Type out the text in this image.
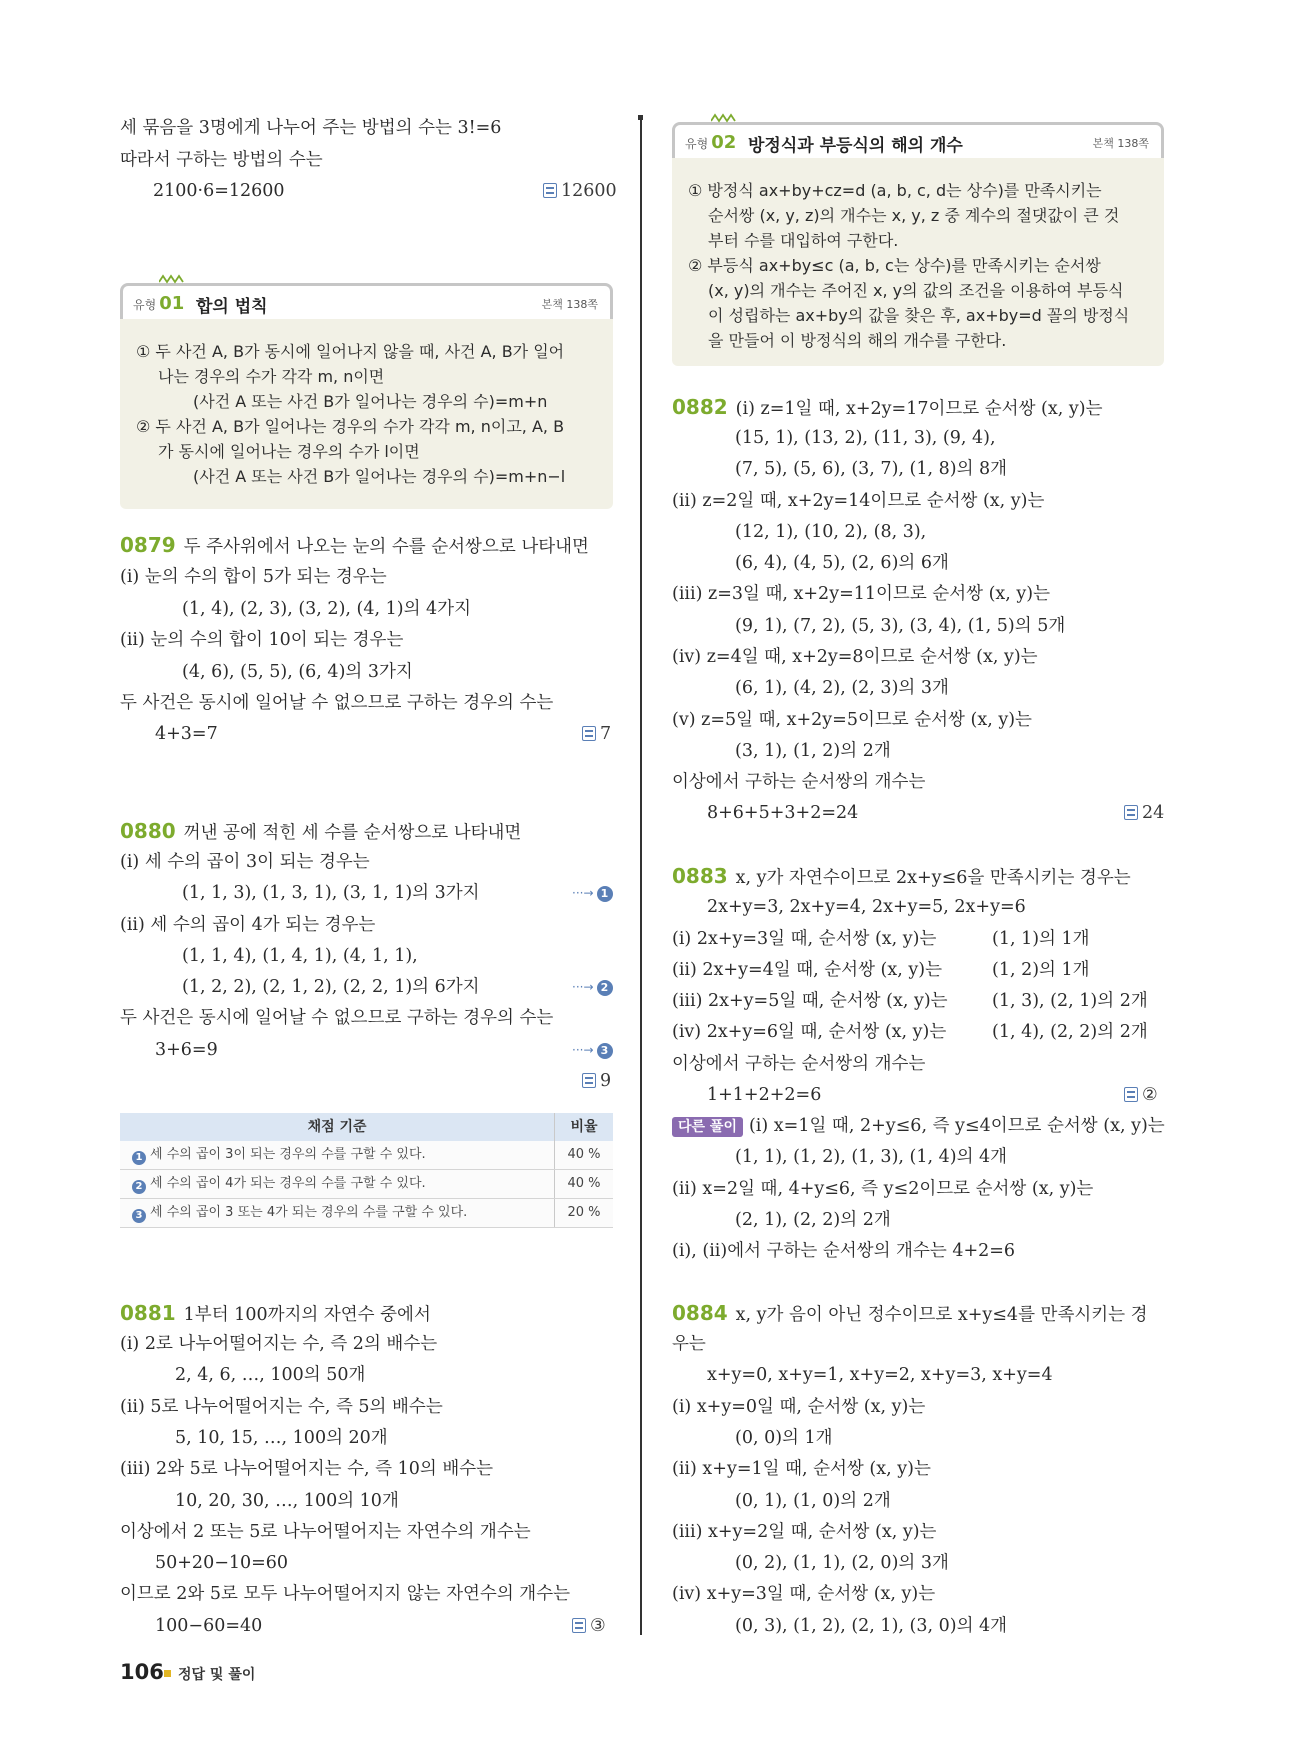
세 묶음을 3명에게 나누어 주는 방법의 수는 3!=6
따라서 구하는 방법의 수는
2100·6=12600	12600
유형 01 합의 법칙	본책 138쪽
① 두 사건 A, B가 동시에 일어나지 않을 때, 사건 A, B가 일어
나는 경우의 수가 각각 m, n이면
(사건 A 또는 사건 B가 일어나는 경우의 수)=m+n
② 두 사건 A, B가 일어나는 경우의 수가 각각 m, n이고, A, B
가 동시에 일어나는 경우의 수가 l이면
(사건 A 또는 사건 B가 일어나는 경우의 수)=m+n−l
0879 두 주사위에서 나오는 눈의 수를 순서쌍으로 나타내면
(i) 눈의 수의 합이 5가 되는 경우는
(1, 4), (2, 3), (3, 2), (4, 1)의 4가지
(ii) 눈의 수의 합이 10이 되는 경우는
(4, 6), (5, 5), (6, 4)의 3가지
두 사건은 동시에 일어날 수 없으므로 구하는 경우의 수는
4+3=7	7
0880 꺼낸 공에 적힌 세 수를 순서쌍으로 나타내면
(i) 세 수의 곱이 3이 되는 경우는
(1, 1, 3), (1, 3, 1), (3, 1, 1)의 3가지	···→ 1
(ii) 세 수의 곱이 4가 되는 경우는
(1, 1, 4), (1, 4, 1), (4, 1, 1),
(1, 2, 2), (2, 1, 2), (2, 2, 1)의 6가지	···→ 2
두 사건은 동시에 일어날 수 없으므로 구하는 경우의 수는
3+6=9	···→ 3
9
채점 기준	비율
1 세 수의 곱이 3이 되는 경우의 수를 구할 수 있다.	40 %
2 세 수의 곱이 4가 되는 경우의 수를 구할 수 있다.	40 %
3 세 수의 곱이 3 또는 4가 되는 경우의 수를 구할 수 있다.	20 %
0881 1부터 100까지의 자연수 중에서
(i) 2로 나누어떨어지는 수, 즉 2의 배수는
2, 4, 6, …, 100의 50개
(ii) 5로 나누어떨어지는 수, 즉 5의 배수는
5, 10, 15, …, 100의 20개
(iii) 2와 5로 나누어떨어지는 수, 즉 10의 배수는
10, 20, 30, …, 100의 10개
이상에서 2 또는 5로 나누어떨어지는 자연수의 개수는
50+20−10=60
이므로 2와 5로 모두 나누어떨어지지 않는 자연수의 개수는
100−60=40	③
유형 02 방정식과 부등식의 해의 개수	본책 138쪽
① 방정식 ax+by+cz=d (a, b, c, d는 상수)를 만족시키는
순서쌍 (x, y, z)의 개수는 x, y, z 중 계수의 절댓값이 큰 것
부터 수를 대입하여 구한다.
② 부등식 ax+by≤c (a, b, c는 상수)를 만족시키는 순서쌍
(x, y)의 개수는 주어진 x, y의 값의 조건을 이용하여 부등식
이 성립하는 ax+by의 값을 찾은 후, ax+by=d 꼴의 방정식
을 만들어 이 방정식의 해의 개수를 구한다.
0882 (i) z=1일 때, x+2y=17이므로 순서쌍 (x, y)는
(15, 1), (13, 2), (11, 3), (9, 4),
(7, 5), (5, 6), (3, 7), (1, 8)의 8개
(ii) z=2일 때, x+2y=14이므로 순서쌍 (x, y)는
(12, 1), (10, 2), (8, 3),
(6, 4), (4, 5), (2, 6)의 6개
(iii) z=3일 때, x+2y=11이므로 순서쌍 (x, y)는
(9, 1), (7, 2), (5, 3), (3, 4), (1, 5)의 5개
(iv) z=4일 때, x+2y=8이므로 순서쌍 (x, y)는
(6, 1), (4, 2), (2, 3)의 3개
(v) z=5일 때, x+2y=5이므로 순서쌍 (x, y)는
(3, 1), (1, 2)의 2개
이상에서 구하는 순서쌍의 개수는
8+6+5+3+2=24	24
0883 x, y가 자연수이므로 2x+y≤6을 만족시키는 경우는
2x+y=3, 2x+y=4, 2x+y=5, 2x+y=6
(i) 2x+y=3일 때, 순서쌍 (x, y)는	(1, 1)의 1개
(ii) 2x+y=4일 때, 순서쌍 (x, y)는	(1, 2)의 1개
(iii) 2x+y=5일 때, 순서쌍 (x, y)는	(1, 3), (2, 1)의 2개
(iv) 2x+y=6일 때, 순서쌍 (x, y)는	(1, 4), (2, 2)의 2개
이상에서 구하는 순서쌍의 개수는
1+1+2+2=6	②
다른 풀이 (i) x=1일 때, 2+y≤6, 즉 y≤4이므로 순서쌍 (x, y)는
(1, 1), (1, 2), (1, 3), (1, 4)의 4개
(ii) x=2일 때, 4+y≤6, 즉 y≤2이므로 순서쌍 (x, y)는
(2, 1), (2, 2)의 2개
(i), (ii)에서 구하는 순서쌍의 개수는 4+2=6
0884 x, y가 음이 아닌 정수이므로 x+y≤4를 만족시키는 경
우는
x+y=0, x+y=1, x+y=2, x+y=3, x+y=4
(i) x+y=0일 때, 순서쌍 (x, y)는
(0, 0)의 1개
(ii) x+y=1일 때, 순서쌍 (x, y)는
(0, 1), (1, 0)의 2개
(iii) x+y=2일 때, 순서쌍 (x, y)는
(0, 2), (1, 1), (2, 0)의 3개
(iv) x+y=3일 때, 순서쌍 (x, y)는
(0, 3), (1, 2), (2, 1), (3, 0)의 4개
106 정답 및 풀이
